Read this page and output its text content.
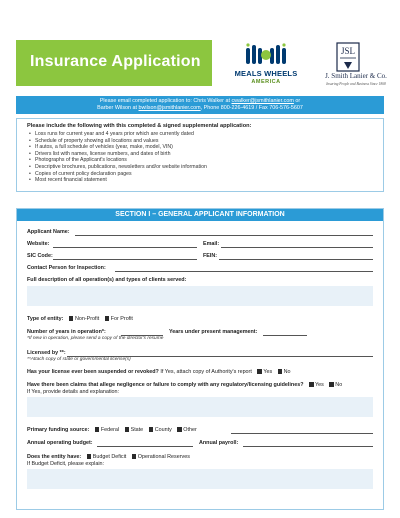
Insurance Application
MEALS WHEELS
AMERICA
JSL
J. Smith Lanier & Co.
Insuring People and Business Since 1868
Please email completed application to: Chris Walker at cwalker@jsmithlanier.com or
Barber Wilson at bwilson@jsmithlanier.com, Phone 800-226-4619 / Fax 706-576-5607
Please include the following with this completed & signed supplemental application:
• Loss runs for current year and 4 years prior which are currently dated
• Schedule of property showing all locations and values
• If autos, a full schedule of vehicles (year, make, model, VIN)
• Drivers list with names, license numbers, and dates of birth
• Photographs of the Applicant's locations
• Descriptive brochures, publications, newsletters and/or website information
• Copies of current policy declaration pages
• Most recent financial statement
SECTION I – GENERAL APPLICANT INFORMATION
Applicant Name:
Website:	Email:
SIC Code:	FEIN:
Contact Person for Inspection:
Full description of all operation(s) and types of clients served:
Type of entity: Non-Profit For Profit
Number of years in operation*:	Years under present management:
*If new in operation, please send a copy of the director's resume
Licensed by **:
**Attach copy of state or governmental license(s)
Has your license ever been suspended or revoked? If Yes, attach copy of Authority's report Yes No
Have there been claims that allege negligence or failure to comply with any regulatory/licensing guidelines? Yes No
If Yes, provide details and explanation:
Primary funding source: Federal State County Other
Annual operating budget:	Annual payroll:
Does the entity have: Budget Deficit Operational Reserves
If Budget Deficit, please explain:
